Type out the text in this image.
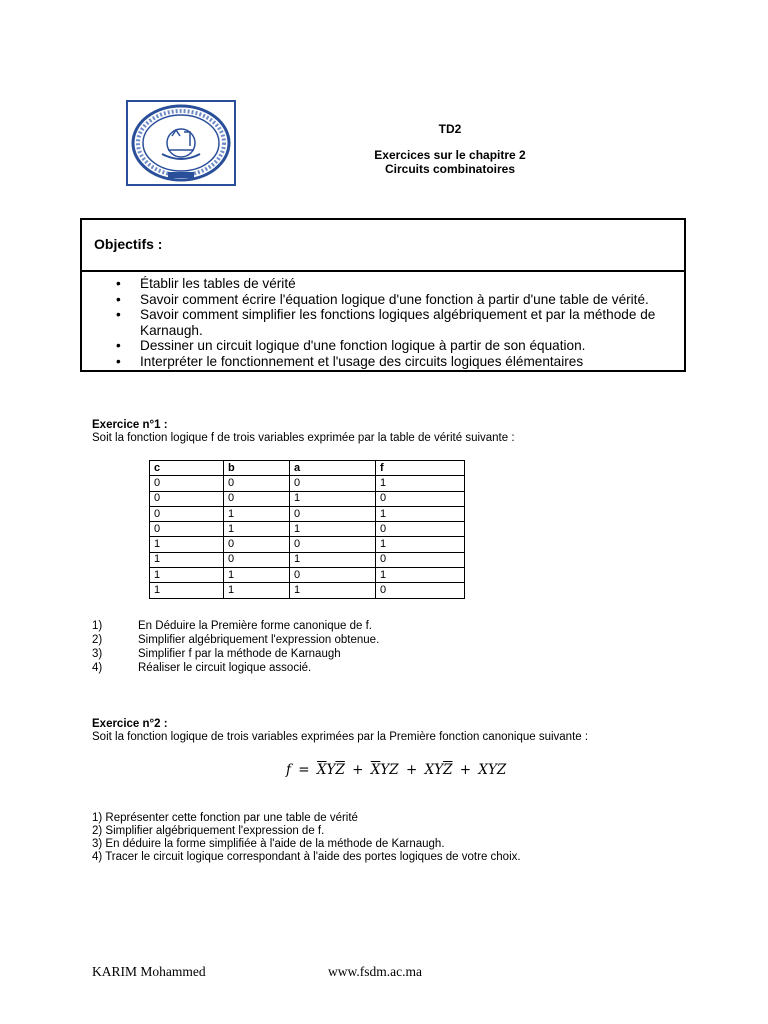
TD2
Exercices sur le chapitre 2
Circuits combinatoires
Objectifs :
• Établir les tables de vérité
• Savoir comment écrire l'équation logique d'une fonction à partir d'une table de vérité.
• Savoir comment simplifier les fonctions logiques algébriquement et par la méthode de Karnaugh.
• Dessiner un circuit logique d'une fonction logique à partir de son équation.
• Interpréter le fonctionnement et l'usage des circuits logiques élémentaires
Exercice n°1 :
Soit la fonction logique f de trois variables exprimée par la table de vérité suivante :
c	b	a	f
0	0	0	1
0	0	1	0
0	1	0	1
0	1	1	0
1	0	0	1
1	0	1	0
1	1	0	1
1	1	1	0
1)	En Déduire la Première forme canonique de f.
2)	Simplifier algébriquement l'expression obtenue.
3)	Simplifier f par la méthode de Karnaugh
4)	Réaliser le circuit logique associé.
Exercice n°2 :
Soit la fonction logique de trois variables exprimées par la Première fonction canonique suivante :
$f = \overline{X}Y\overline{Z} + \overline{X}YZ + XY\overline{Z}$ + XYZ
1) Représenter cette fonction par une table de vérité
2) Simplifier algébriquement l'expression de f.
3) En déduire la forme simplifiée à l'aide de la méthode de Karnaugh.
4) Tracer le circuit logique correspondant à l'aide des portes logiques de votre choix.
KARIM Mohammed	www.fsdm.ac.ma
